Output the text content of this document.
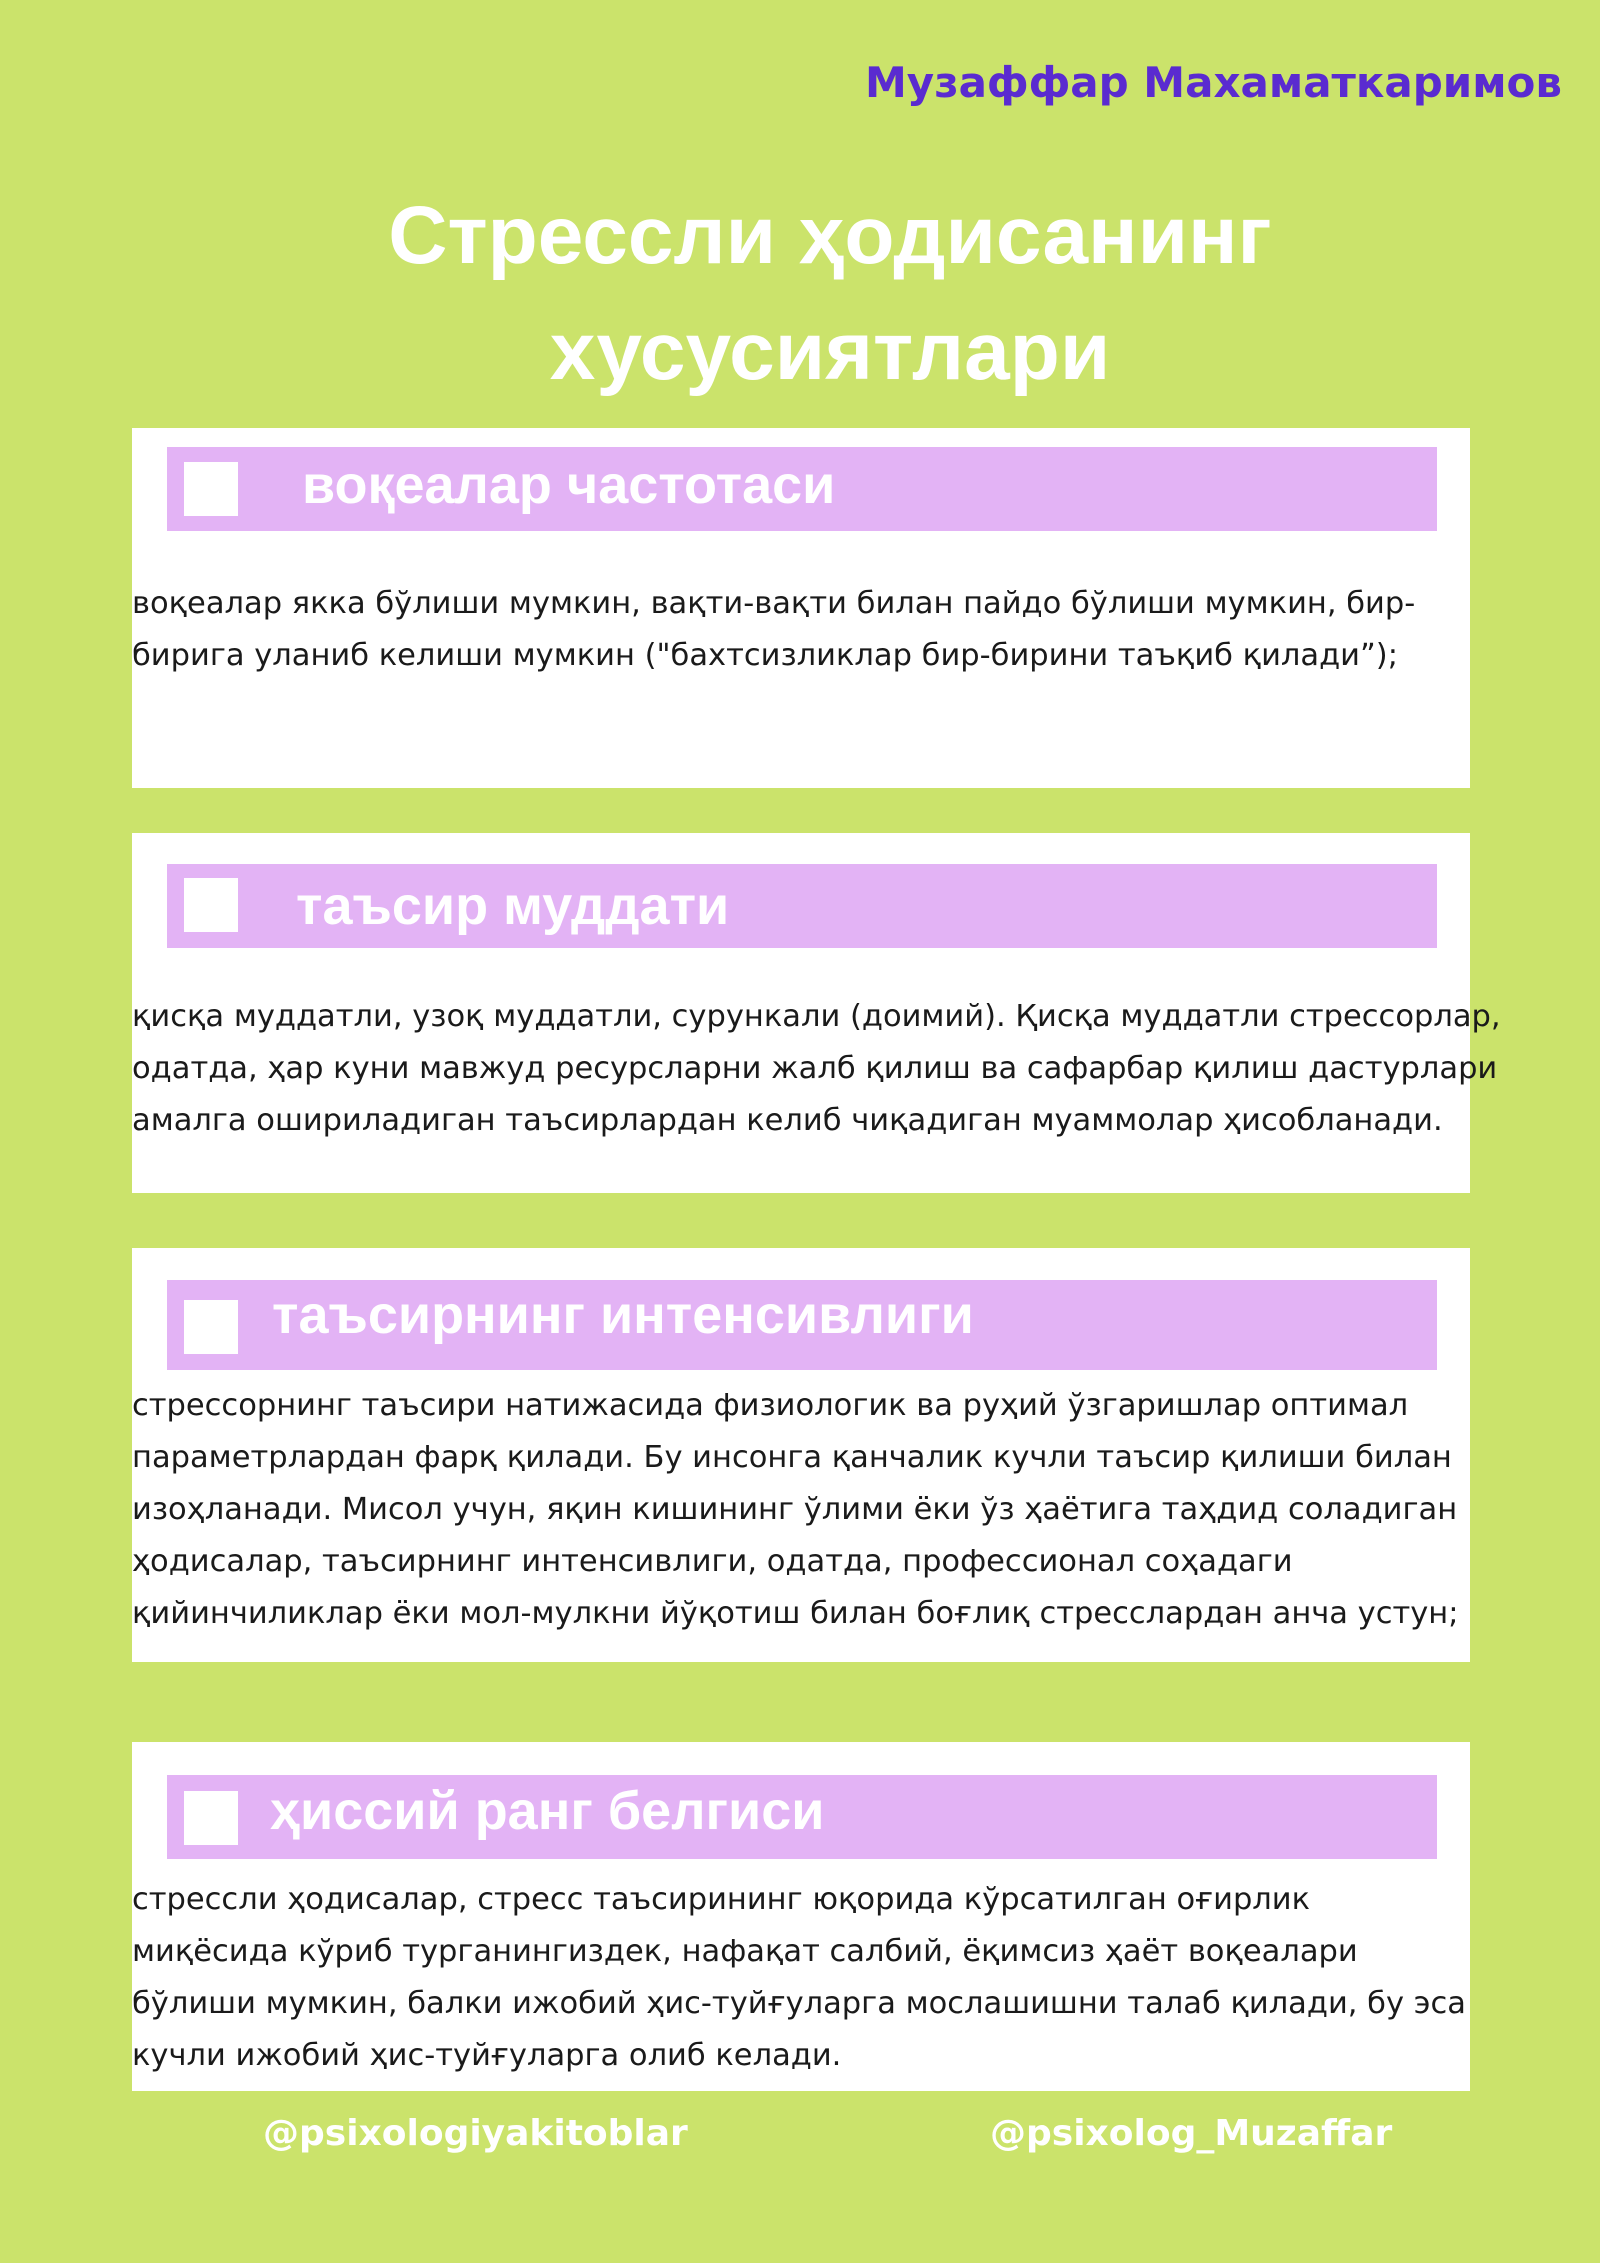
Музаффар Махаматкаримов
Стрессли ҳодисанинг
хусусиятлари
воқеалар частотаси

воқеалар якка бўлиши мумкин, вақти-вақти билан пайдо бўлиши мумкин, бир-
бирига уланиб келиши мумкин ("бахтсизликлар бир-бирини таъқиб қилади”);

таъсир муддати

қисқа муддатли, узоқ муддатли, сурункали (доимий). Қисқа муддатли стрессорлар,
одатда, ҳар куни мавжуд ресурсларни жалб қилиш ва сафарбар қилиш дастурлари
амалга ошириладиган таъсирлардан келиб чиқадиган муаммолар ҳисобланади.

таъсирнинг интенсивлиги

стрессорнинг таъсири натижасида физиологик ва руҳий ўзгаришлар оптимал
параметрлардан фарқ қилади. Бу инсонга қанчалик кучли таъсир қилиши билан
изоҳланади. Мисол учун, яқин кишининг ўлими ёки ўз ҳаётига таҳдид соладиган
ҳодисалар, таъсирнинг интенсивлиги, одатда, профессионал соҳадаги
қийинчиликлар ёки мол-мулкни йўқотиш билан боғлиқ стресслардан анча устун;

ҳиссий ранг белгиси

стрессли ҳодисалар, стресс таъсирининг юқорида кўрсатилган оғирлик
миқёсида кўриб турганингиздек, нафақат салбий, ёқимсиз ҳаёт воқеалари
бўлиши мумкин, балки ижобий ҳис-туйғуларга мослашишни талаб қилади, бу эса
кучли ижобий ҳис-туйғуларга олиб келади.

@psixologiyakitoblar	@psixolog_Muzaffar
